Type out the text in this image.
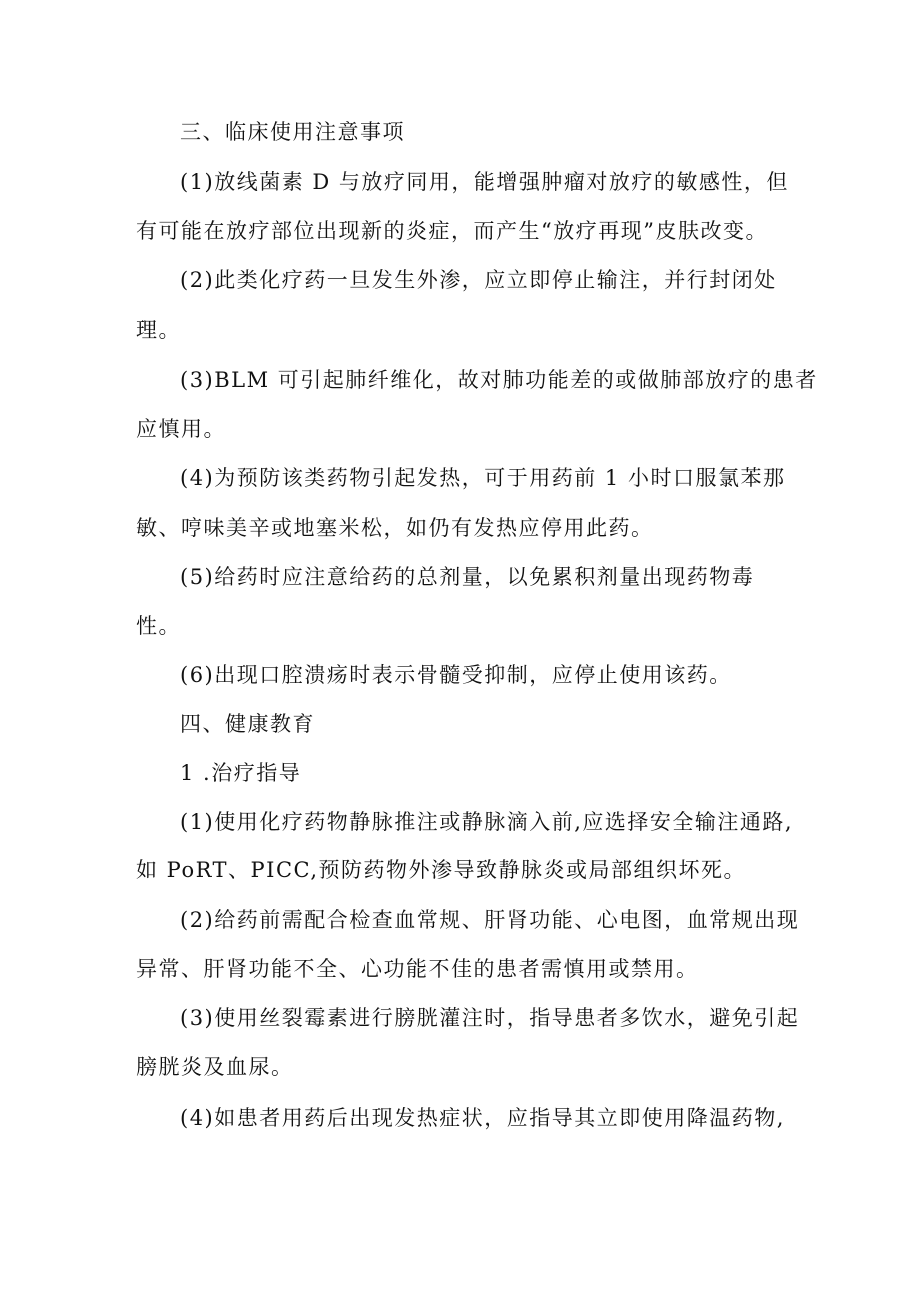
三、临床使用注意事项
(1)放线菌素 D 与放疗同用，能增强肿瘤对放疗的敏感性，但
有可能在放疗部位出现新的炎症，而产生“放疗再现”皮肤改变。
(2)此类化疗药一旦发生外渗，应立即停止输注，并行封闭处
理。
(3)BLM 可引起肺纤维化，故对肺功能差的或做肺部放疗的患者
应慎用。
(4)为预防该类药物引起发热，可于用药前 1 小时口服氯苯那
敏、哼味美辛或地塞米松，如仍有发热应停用此药。
(5)给药时应注意给药的总剂量，以免累积剂量出现药物毒
性。
(6)出现口腔溃疡时表示骨髓受抑制，应停止使用该药。
四、健康教育
1 .治疗指导
(1)使用化疗药物静脉推注或静脉滴入前,应选择安全输注通路,
如 PoRT、PICC,预防药物外渗导致静脉炎或局部组织坏死。
(2)给药前需配合检查血常规、肝肾功能、心电图，血常规出现
异常、肝肾功能不全、心功能不佳的患者需慎用或禁用。
(3)使用丝裂霉素进行膀胱灌注时，指导患者多饮水，避免引起
膀胱炎及血尿。
(4)如患者用药后出现发热症状，应指导其立即使用降温药物,
